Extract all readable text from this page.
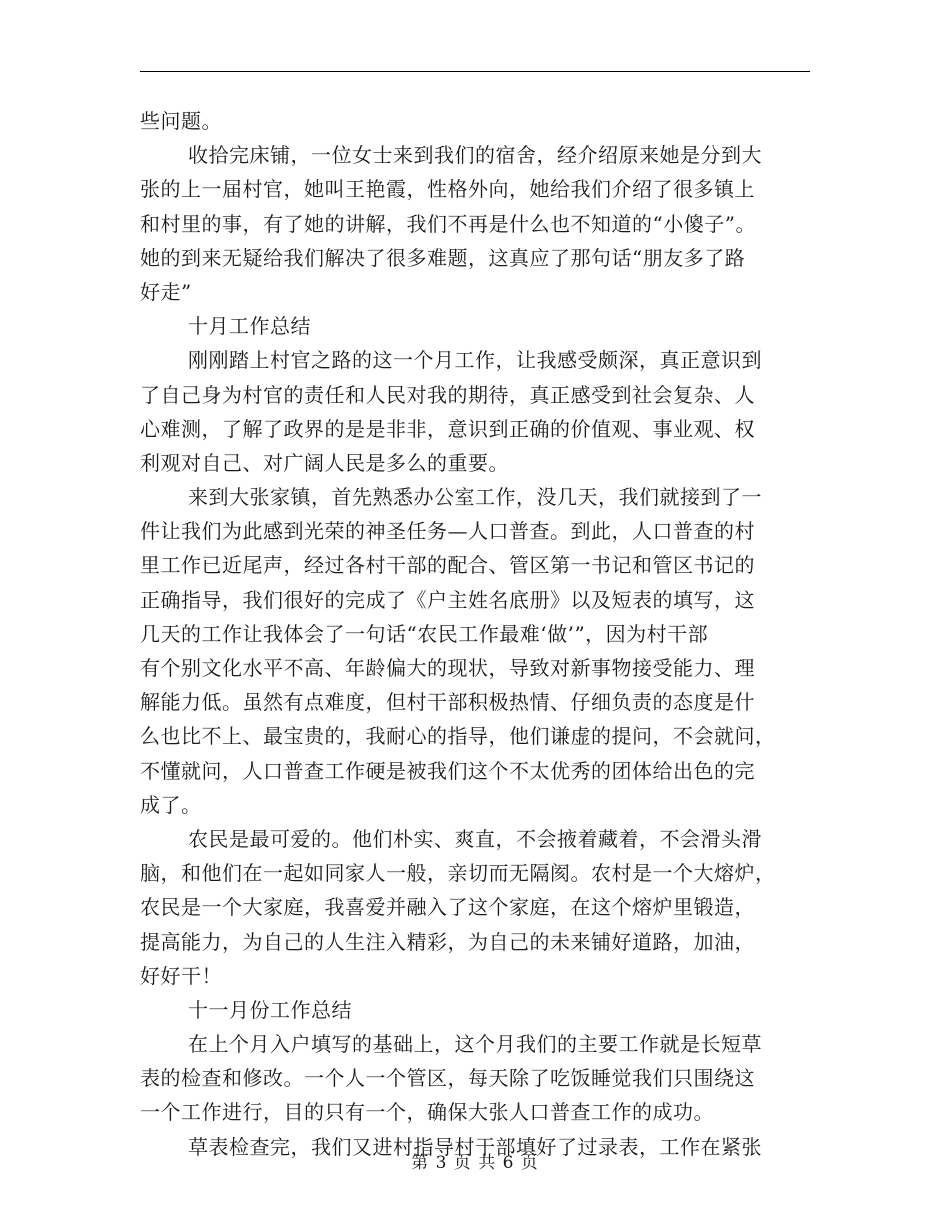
些问题。
收拾完床铺，一位女士来到我们的宿舍，经介绍原来她是分到大
张的上一届村官，她叫王艳霞，性格外向，她给我们介绍了很多镇上
和村里的事，有了她的讲解，我们不再是什么也不知道的“小傻子”。
她的到来无疑给我们解决了很多难题，这真应了那句话“朋友多了路
好走”
十月工作总结
刚刚踏上村官之路的这一个月工作，让我感受颇深，真正意识到
了自己身为村官的责任和人民对我的期待，真正感受到社会复杂、人
心难测，了解了政界的是是非非，意识到正确的价值观、事业观、权
利观对自己、对广阔人民是多么的重要。
来到大张家镇，首先熟悉办公室工作，没几天，我们就接到了一
件让我们为此感到光荣的神圣任务—人口普查。到此，人口普查的村
里工作已近尾声，经过各村干部的配合、管区第一书记和管区书记的
正确指导，我们很好的完成了《户主姓名底册》以及短表的填写，这
几天的工作让我体会了一句话“农民工作最难‘做’”，因为村干部
有个别文化水平不高、年龄偏大的现状，导致对新事物接受能力、理
解能力低。虽然有点难度，但村干部积极热情、仔细负责的态度是什
么也比不上、最宝贵的，我耐心的指导，他们谦虚的提问，不会就问，
不懂就问，人口普查工作硬是被我们这个不太优秀的团体给出色的完
成了。
农民是最可爱的。他们朴实、爽直，不会掖着藏着，不会滑头滑
脑，和他们在一起如同家人一般，亲切而无隔阂。农村是一个大熔炉，
农民是一个大家庭，我喜爱并融入了这个家庭，在这个熔炉里锻造，
提高能力，为自己的人生注入精彩，为自己的未来铺好道路，加油，
好好干！
十一月份工作总结
在上个月入户填写的基础上，这个月我们的主要工作就是长短草
表的检查和修改。一个人一个管区，每天除了吃饭睡觉我们只围绕这
一个工作进行，目的只有一个，确保大张人口普查工作的成功。
草表检查完，我们又进村指导村干部填好了过录表，工作在紧张
第 3 页 共 6 页
